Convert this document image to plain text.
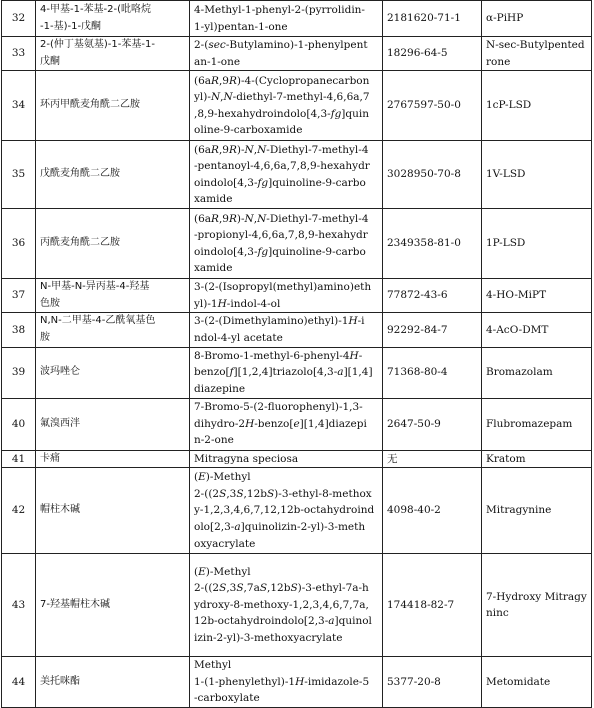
32	4-甲基-1-苯基-2-(吡咯烷
-1-基)-1-戊酮	4-Methyl-1-phenyl-2-(pyrrolidin-
1-yl)pentan-1-one	2181620-71-1	α-PiHP
33	2-(仲丁基氨基)-1-苯基-1-
戊酮	2-(sec-Butylamino)-1-phenylpent
an-1-one	18296-64-5	N-sec-Butylpentedrone
34	环丙甲酰麦角酰二乙胺	(6aR,9R)-4-(Cyclopropanecarbon
yl)-N,N-diethyl-7-methyl-4,6,6a,7
,8,9-hexahydroindolo[4,3-fg]quin
oline-9-carboxamide	2767597-50-0	1cP-LSD
35	戊酰麦角酰二乙胺	(6aR,9R)-N,N-Diethyl-7-methyl-4
-pentanoyl-4,6,6a,7,8,9-hexahydr
oindolo[4,3-fg]quinoline-9-carbo
xamide	3028950-70-8	1V-LSD
36	丙酰麦角酰二乙胺	(6aR,9R)-N,N-Diethyl-7-methyl-4
-propionyl-4,6,6a,7,8,9-hexahydr
oindolo[4,3-fg]quinoline-9-carbo
xamide	2349358-81-0	1P-LSD
37	N-甲基-N-异丙基-4-羟基
色胺	3-(2-(Isopropyl(methyl)amino)eth
yl)-1H-indol-4-ol	77872-43-6	4-HO-MiPT
38	N,N-二甲基-4-乙酰氧基色
胺	3-(2-(Dimethylamino)ethyl)-1H-i
ndol-4-yl acetate	92292-84-7	4-AcO-DMT
39	波玛唑仑	8-Bromo-1-methyl-6-phenyl-4H-
benzo[f][1,2,4]triazolo[4,3-a][1,4]
diazepine	71368-80-4	Bromazolam
40	氟溴西泮	7-Bromo-5-(2-fluorophenyl)-1,3-
dihydro-2H-benzo[e][1,4]diazepi
n-2-one	2647-50-9	Flubromazepam
41	卡痛	Mitragyna speciosa	无	Kratom
42	帽柱木碱	(E)-Methyl
2-((2S,3S,12bS)-3-ethyl-8-methox
y-1,2,3,4,6,7,12,12b-octahydroind
olo[2,3-a]quinolizin-2-yl)-3-meth
oxyacrylate	4098-40-2	Mitragynine
43	7-羟基帽柱木碱	(E)-Methyl
2-((2S,3S,7aS,12bS)-3-ethyl-7a-h
ydroxy-8-methoxy-1,2,3,4,6,7,7a,
12b-octahydroindolo[2,3-a]quinol
izin-2-yl)-3-methoxyacrylate	174418-82-7	7-Hydroxy Mitragyninc
44	美托咪酯	Methyl
1-(1-phenylethyl)-1H-imidazole-5
-carboxylate	5377-20-8	Metomidate
